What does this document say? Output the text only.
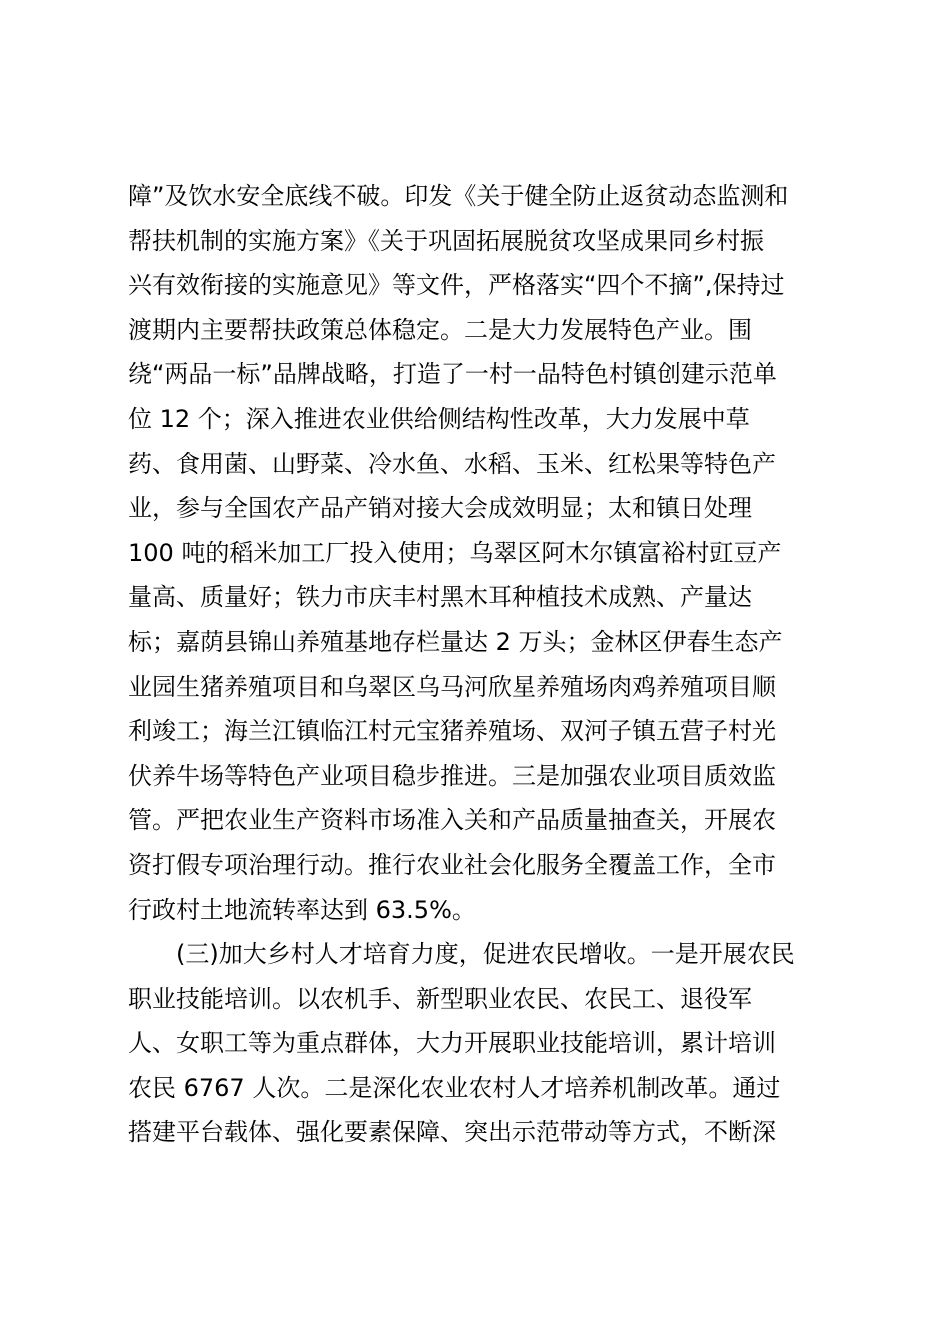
障”及饮水安全底线不破。印发《关于健全防止返贫动态监测和
帮扶机制的实施方案》《关于巩固拓展脱贫攻坚成果同乡村振
兴有效衔接的实施意见》等文件，严格落实“四个不摘”,保持过
渡期内主要帮扶政策总体稳定。二是大力发展特色产业。围
绕“两品一标”品牌战略，打造了一村一品特色村镇创建示范单
位 12 个；深入推进农业供给侧结构性改革，大力发展中草
药、食用菌、山野菜、冷水鱼、水稻、玉米、红松果等特色产
业，参与全国农产品产销对接大会成效明显；太和镇日处理
100 吨的稻米加工厂投入使用；乌翠区阿木尔镇富裕村豇豆产
量高、质量好；铁力市庆丰村黑木耳种植技术成熟、产量达
标；嘉荫县锦山养殖基地存栏量达 2 万头；金林区伊春生态产
业园生猪养殖项目和乌翠区乌马河欣星养殖场肉鸡养殖项目顺
利竣工；海兰江镇临江村元宝猪养殖场、双河子镇五营子村光
伏养牛场等特色产业项目稳步推进。三是加强农业项目质效监
管。严把农业生产资料市场准入关和产品质量抽查关，开展农
资打假专项治理行动。推行农业社会化服务全覆盖工作，全市
行政村土地流转率达到 63.5%。
(三)加大乡村人才培育力度，促进农民增收。一是开展农民
职业技能培训。以农机手、新型职业农民、农民工、退役军
人、女职工等为重点群体，大力开展职业技能培训，累计培训
农民 6767 人次。二是深化农业农村人才培养机制改革。通过
搭建平台载体、强化要素保障、突出示范带动等方式，不断深
